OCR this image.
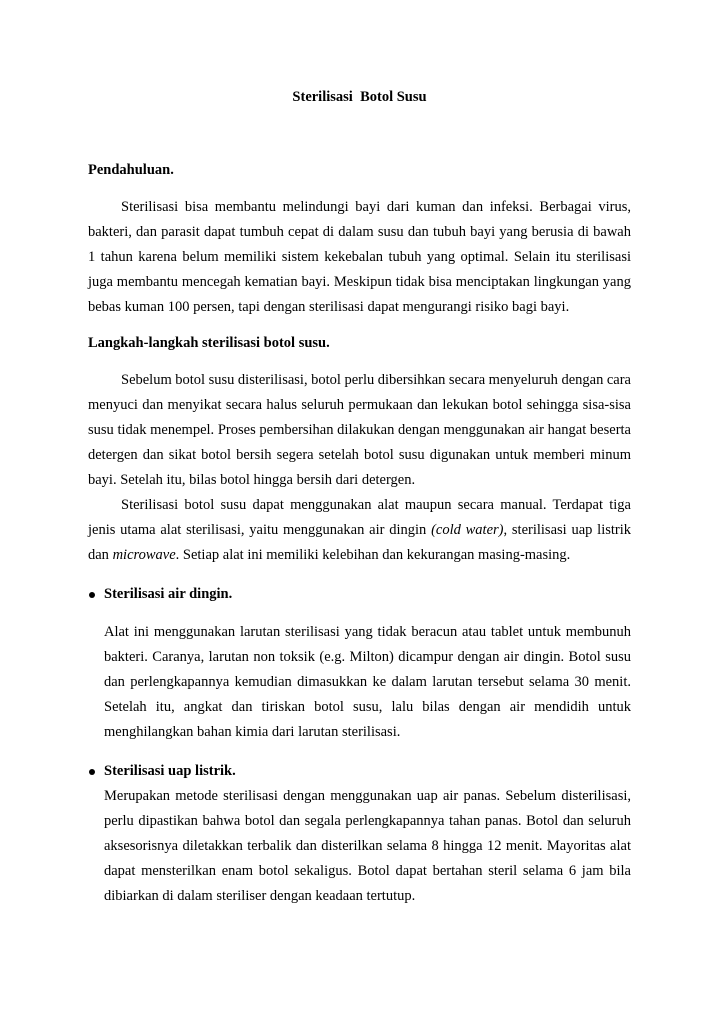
Sterilisasi  Botol Susu
Pendahuluan.
Sterilisasi bisa membantu melindungi bayi dari kuman dan infeksi. Berbagai virus,
bakteri, dan parasit dapat tumbuh cepat di dalam susu dan tubuh bayi yang berusia di bawah
1 tahun karena belum memiliki sistem kekebalan tubuh yang optimal. Selain itu sterilisasi
juga membantu mencegah kematian bayi. Meskipun tidak bisa menciptakan lingkungan yang
bebas kuman 100 persen, tapi dengan sterilisasi dapat mengurangi risiko bagi bayi.
Langkah-langkah sterilisasi botol susu.
Sebelum botol susu disterilisasi, botol perlu dibersihkan secara menyeluruh dengan cara
menyuci dan menyikat secara halus seluruh permukaan dan lekukan botol sehingga sisa-sisa
susu tidak menempel. Proses pembersihan dilakukan dengan menggunakan air hangat beserta
detergen dan sikat botol bersih segera setelah botol susu digunakan untuk memberi minum
bayi. Setelah itu, bilas botol hingga bersih dari detergen.
Sterilisasi botol susu dapat menggunakan alat maupun secara manual. Terdapat tiga
jenis utama alat sterilisasi, yaitu menggunakan air dingin (cold water), sterilisasi uap listrik
dan microwave. Setiap alat ini memiliki kelebihan dan kekurangan masing-masing.
Sterilisasi air dingin.
Alat ini menggunakan larutan sterilisasi yang tidak beracun atau tablet untuk membunuh
bakteri. Caranya, larutan non toksik (e.g. Milton) dicampur dengan air dingin. Botol susu
dan perlengkapannya kemudian dimasukkan ke dalam larutan tersebut selama 30 menit.
Setelah itu, angkat dan tiriskan botol susu, lalu bilas dengan air mendidih untuk
menghilangkan bahan kimia dari larutan sterilisasi.
Sterilisasi uap listrik.
Merupakan metode sterilisasi dengan menggunakan uap air panas. Sebelum disterilisasi,
perlu dipastikan bahwa botol dan segala perlengkapannya tahan panas. Botol dan seluruh
aksesorisnya diletakkan terbalik dan disterilkan selama 8 hingga 12 menit. Mayoritas alat
dapat mensterilkan enam botol sekaligus. Botol dapat bertahan steril selama 6 jam bila
dibiarkan di dalam steriliser dengan keadaan tertutup.
